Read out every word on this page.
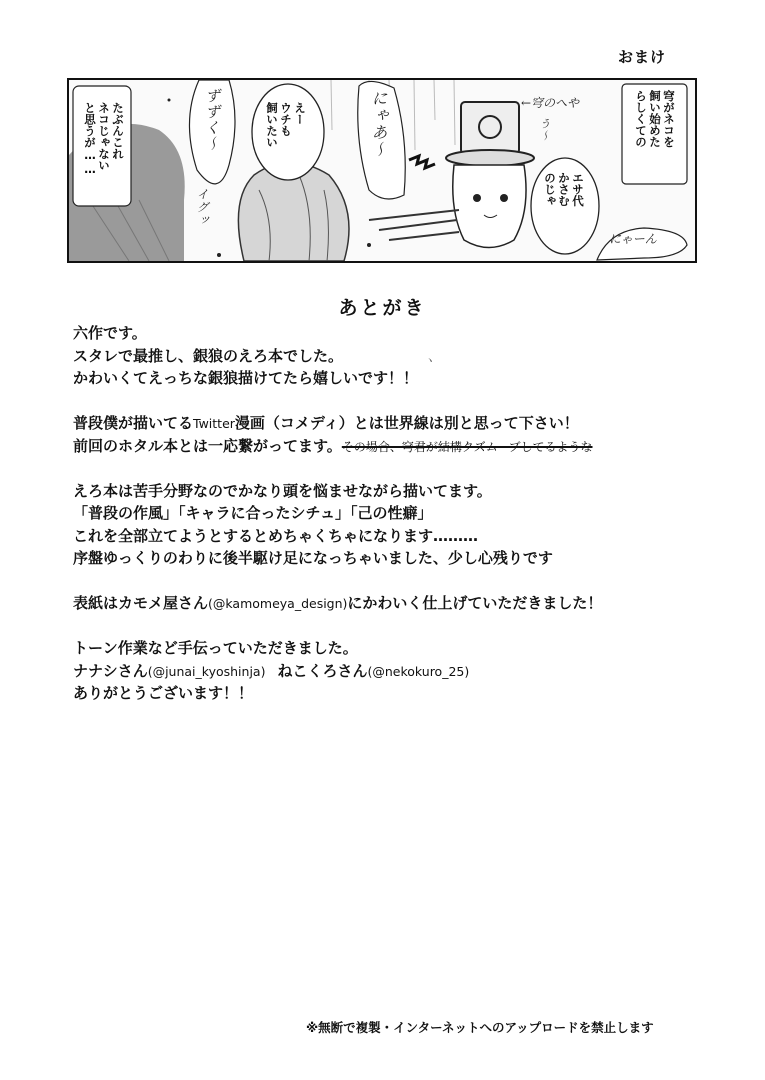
おまけ
穹がネコを
飼い始めた
らしくての
エサ代
かさむ
のじゃ
えー
ウチも
飼いたい
たぶんこれ
ネコじゃない
と思うが……	ずずく〜
イグッ
にゃあ〜	←穹のへや
にゃーん
う〜
あとがき
ヽ
六作です。
スタレで最推し、銀狼のえろ本でした。
かわいくてえっちな銀狼描けてたら嬉しいです！！
普段僕が描いてるTwitter漫画（コメディ）とは世界線は別と思って下さい！
前回のホタル本とは一応繋がってます。その場合、穹君が結構クズムーブしてるような
えろ本は苦手分野なのでかなり頭を悩ませながら描いてます。
「普段の作風」「キャラに合ったシチュ」「己の性癖」
これを全部立てようとするとめちゃくちゃになります………
序盤ゆっくりのわりに後半駆け足になっちゃいました、少し心残りです
表紙はカモメ屋さん(@kamomeya_design)にかわいく仕上げていただきました！
トーン作業など手伝っていただきました。
ナナシさん(@junai_kyoshinja) ねこくろさん(@nekokuro_25)
ありがとうございます！！
※無断で複製・インターネットへのアップロードを禁止します
